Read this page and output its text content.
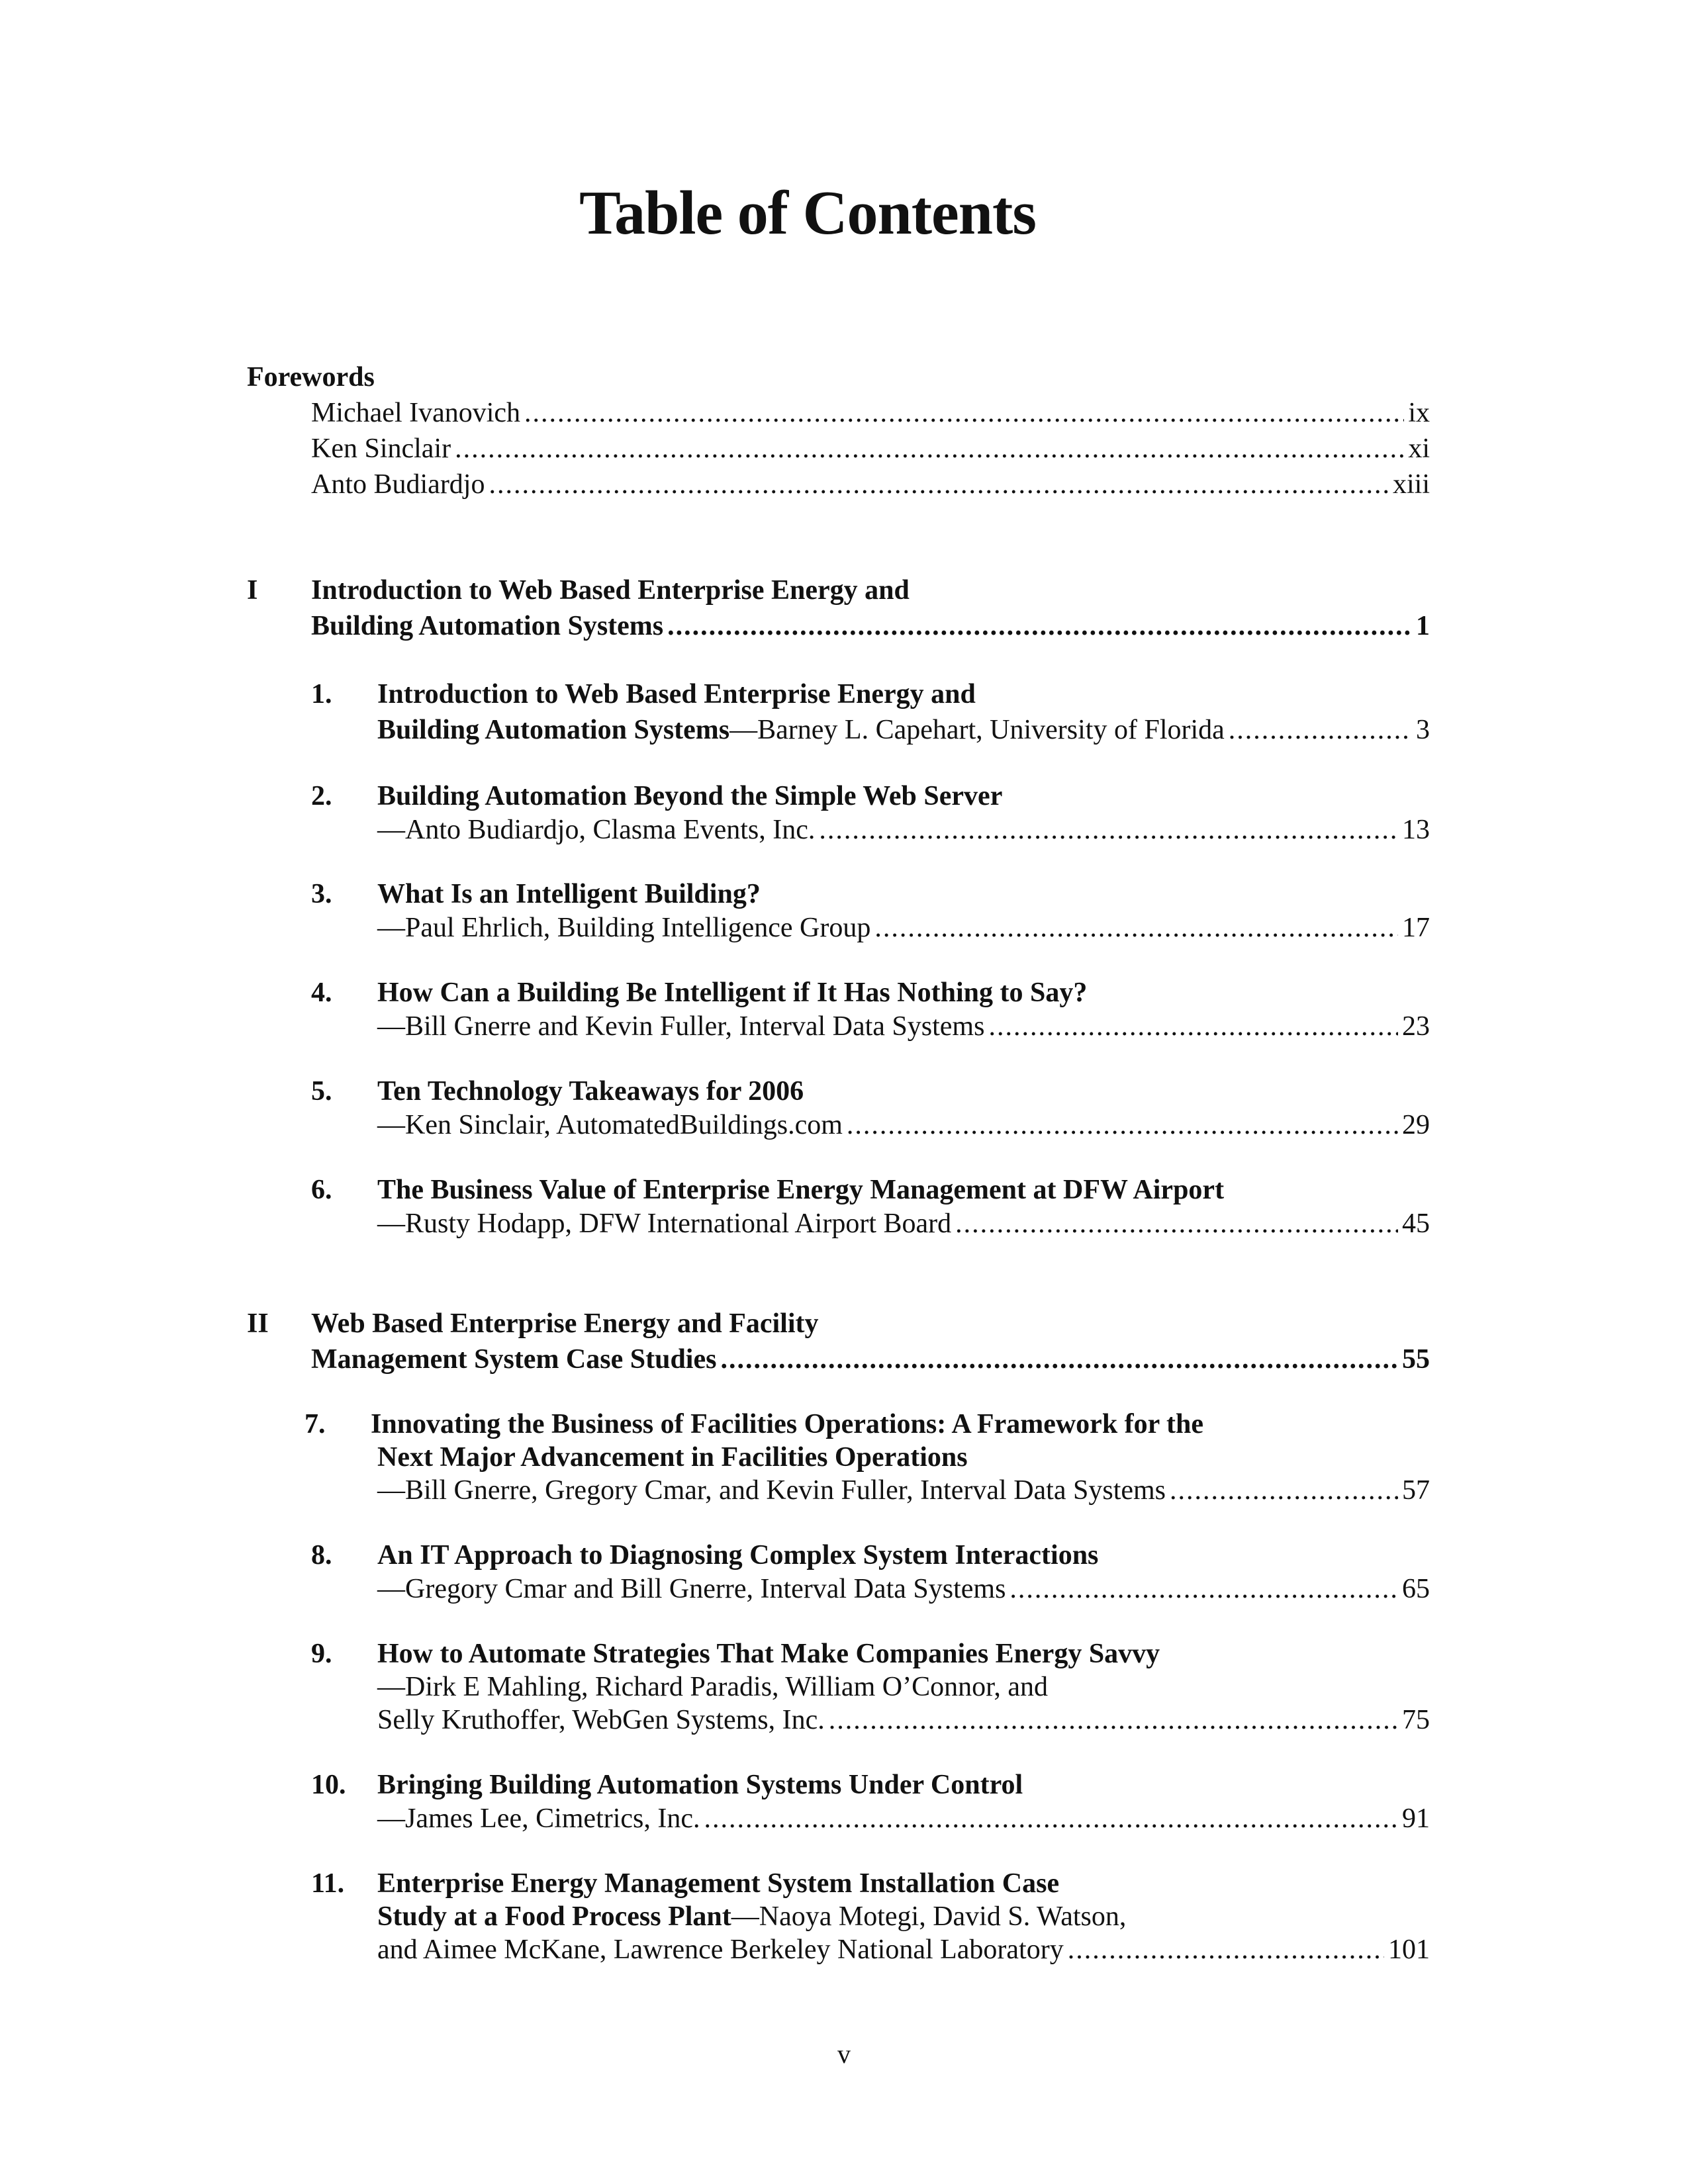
Table of Contents
Forewords
Michael Ivanovich .....	ix
Ken Sinclair .....	xi
Anto Budiardjo .....	xiii
I Introduction to Web Based Enterprise Energy and
Building Automation Systems .....	1
1. Introduction to Web Based Enterprise Energy and
Building Automation Systems—Barney L. Capehart, University of Florida .....	3
2. Building Automation Beyond the Simple Web Server
—Anto Budiardjo, Clasma Events, Inc. .....	13
3. What Is an Intelligent Building?
—Paul Ehrlich, Building Intelligence Group .....	17
4. How Can a Building Be Intelligent if It Has Nothing to Say?
—Bill Gnerre and Kevin Fuller, Interval Data Systems .....	23
5. Ten Technology Takeaways for 2006
—Ken Sinclair, AutomatedBuildings.com .....	29
6. The Business Value of Enterprise Energy Management at DFW Airport
—Rusty Hodapp, DFW International Airport Board .....	45
II Web Based Enterprise Energy and Facility
Management System Case Studies .....	55
7. Innovating the Business of Facilities Operations: A Framework for the
Next Major Advancement in Facilities Operations
—Bill Gnerre, Gregory Cmar, and Kevin Fuller, Interval Data Systems .....	57
8. An IT Approach to Diagnosing Complex System Interactions
—Gregory Cmar and Bill Gnerre, Interval Data Systems .....	65
9. How to Automate Strategies That Make Companies Energy Savvy
—Dirk E Mahling, Richard Paradis, William O’Connor, and
Selly Kruthoffer, WebGen Systems, Inc. .....	75
10. Bringing Building Automation Systems Under Control
—James Lee, Cimetrics, Inc. .....	91
11. Enterprise Energy Management System Installation Case
Study at a Food Process Plant—Naoya Motegi, David S. Watson,
and Aimee McKane, Lawrence Berkeley National Laboratory .....	101
v
